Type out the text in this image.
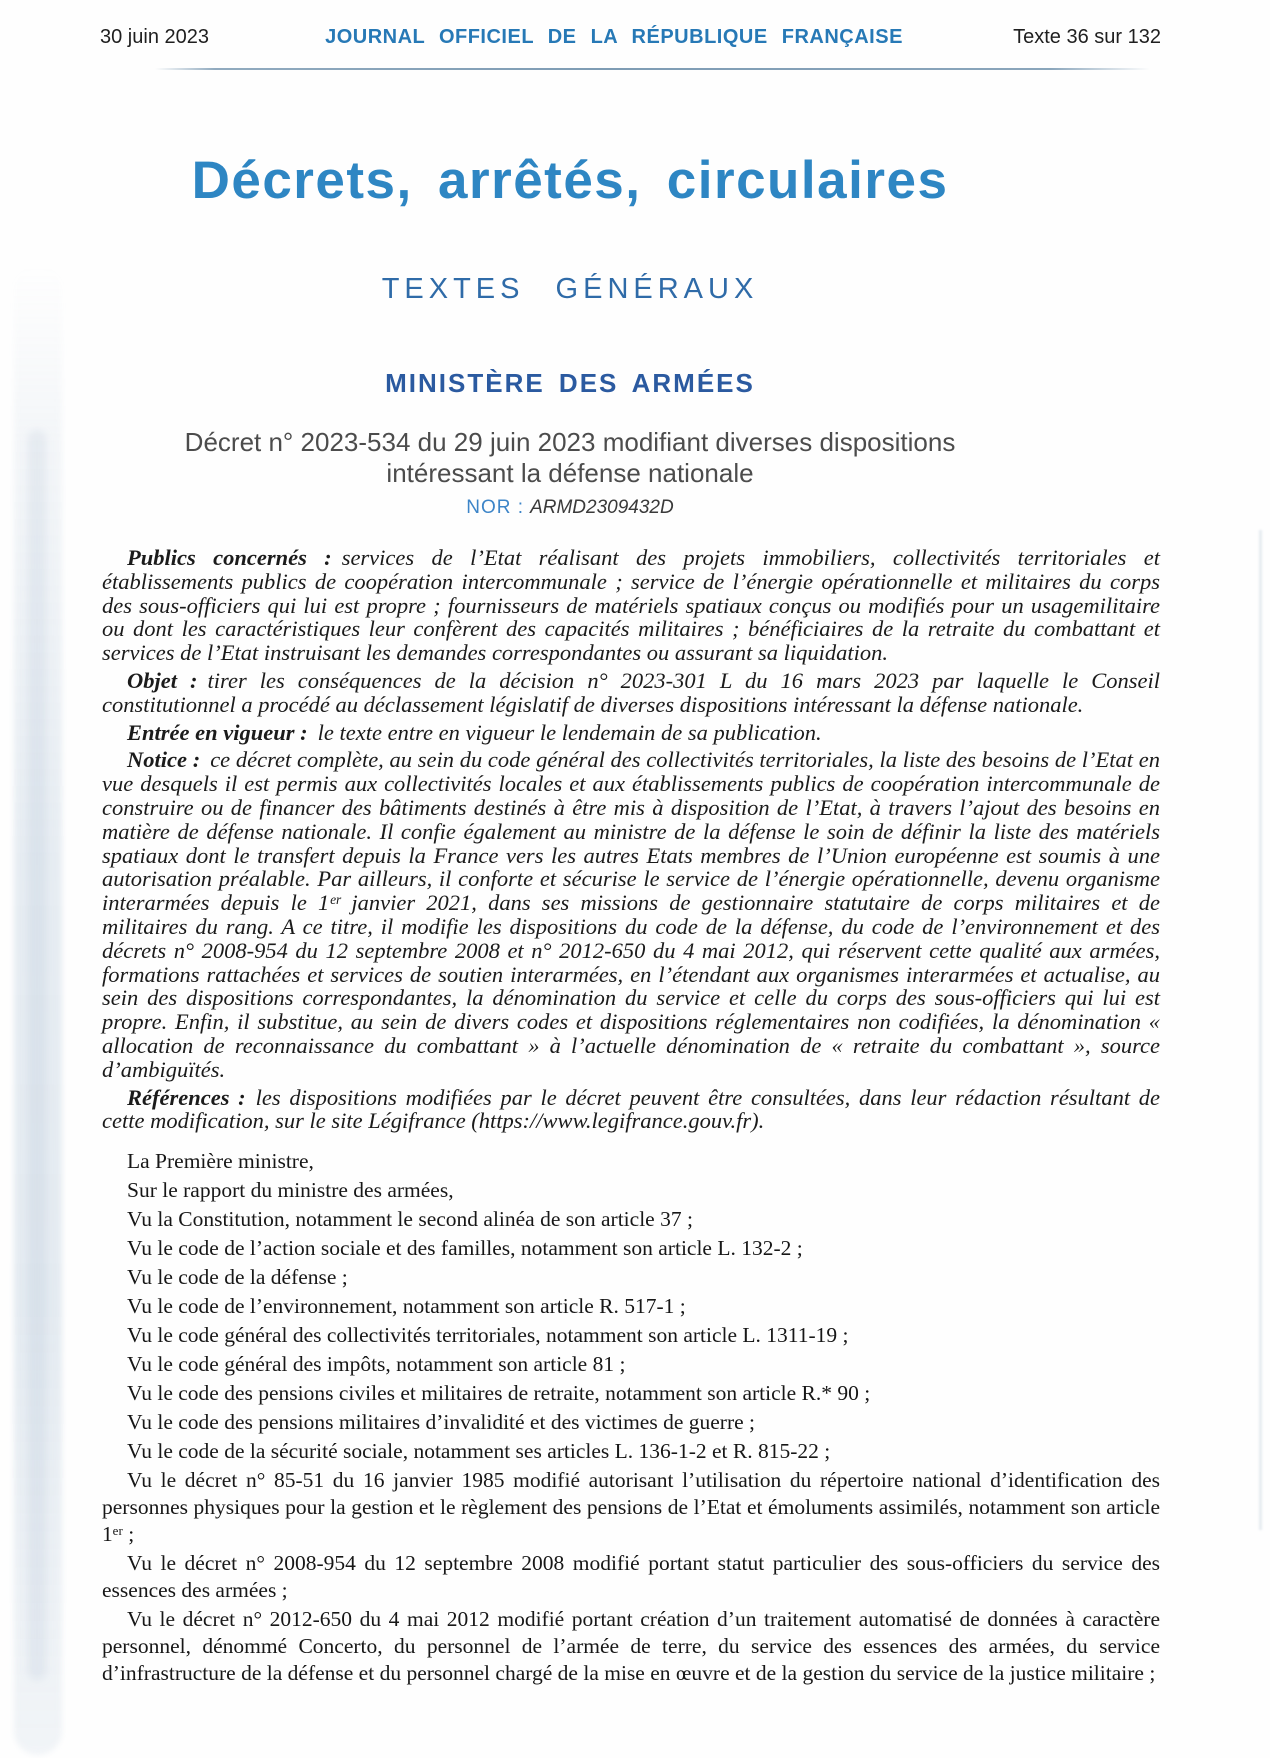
30 juin 2023	JOURNAL OFFICIEL DE LA RÉPUBLIQUE FRANÇAISE	Texte 36 sur 132
Décrets, arrêtés, circulaires
TEXTES GÉNÉRAUX
MINISTÈRE DES ARMÉES
Décret n° 2023-534 du 29 juin 2023 modifiant diverses dispositions
intéressant la défense nationale
NOR : ARMD2309432D

Publics concernés : services de l’Etat réalisant des projets immobiliers, collectivités territoriales et établissements publics de coopération intercommunale ; service de l’énergie opérationnelle et militaires du corps des sous-officiers qui lui est propre ; fournisseurs de matériels spatiaux conçus ou modifiés pour un usagemilitaire ou dont les caractéristiques leur confèrent des capacités militaires ; bénéficiaires de la retraite du combattant et services de l’Etat instruisant les demandes correspondantes ou assurant sa liquidation.

Objet : tirer les conséquences de la décision n° 2023-301 L du 16 mars 2023 par laquelle le Conseil constitutionnel a procédé au déclassement législatif de diverses dispositions intéressant la défense nationale.

Entrée en vigueur : le texte entre en vigueur le lendemain de sa publication.

Notice : ce décret complète, au sein du code général des collectivités territoriales, la liste des besoins de l’Etat en vue desquels il est permis aux collectivités locales et aux établissements publics de coopération intercommunale de construire ou de financer des bâtiments destinés à être mis à disposition de l’Etat, à travers l’ajout des besoins en matière de défense nationale. Il confie également au ministre de la défense le soin de définir la liste des matériels spatiaux dont le transfert depuis la France vers les autres Etats membres de l’Union européenne est soumis à une autorisation préalable. Par ailleurs, il conforte et sécurise le service de l’énergie opérationnelle, devenu organisme interarmées depuis le 1ᵉʳ janvier 2021, dans ses missions de gestionnaire statutaire de corps militaires et de militaires du rang. A ce titre, il modifie les dispositions du code de la défense, du code de l’environnement et des décrets n° 2008-954 du 12 septembre 2008 et n° 2012-650 du 4 mai 2012, qui réservent cette qualité aux armées, formations rattachées et services de soutien interarmées, en l’étendant aux organismes interarmées et actualise, au sein des dispositions correspondantes, la dénomination du service et celle du corps des sous-officiers qui lui est propre. Enfin, il substitue, au sein de divers codes et dispositions réglementaires non codifiées, la dénomination « allocation de reconnaissance du combattant » à l’actuelle dénomination de « retraite du combattant », source d’ambiguïtés.

Références : les dispositions modifiées par le décret peuvent être consultées, dans leur rédaction résultant de cette modification, sur le site Légifrance (https://www.legifrance.gouv.fr).

La Première ministre,

Sur le rapport du ministre des armées,

Vu la Constitution, notamment le second alinéa de son article 37 ;

Vu le code de l’action sociale et des familles, notamment son article L. 132-2 ;

Vu le code de la défense ;

Vu le code de l’environnement, notamment son article R. 517-1 ;

Vu le code général des collectivités territoriales, notamment son article L. 1311-19 ;

Vu le code général des impôts, notamment son article 81 ;

Vu le code des pensions civiles et militaires de retraite, notamment son article R.* 90 ;

Vu le code des pensions militaires d’invalidité et des victimes de guerre ;

Vu le code de la sécurité sociale, notamment ses articles L. 136-1-2 et R. 815-22 ;

Vu le décret n° 85-51 du 16 janvier 1985 modifié autorisant l’utilisation du répertoire national d’identification des personnes physiques pour la gestion et le règlement des pensions de l’Etat et émoluments assimilés, notamment son article 1ᵉʳ ;

Vu le décret n° 2008-954 du 12 septembre 2008 modifié portant statut particulier des sous-officiers du service des essences des armées ;

Vu le décret n° 2012-650 du 4 mai 2012 modifié portant création d’un traitement automatisé de données à caractère personnel, dénommé Concerto, du personnel de l’armée de terre, du service des essences des armées, du service d’infrastructure de la défense et du personnel chargé de la mise en œuvre et de la gestion du service de la justice militaire ;
